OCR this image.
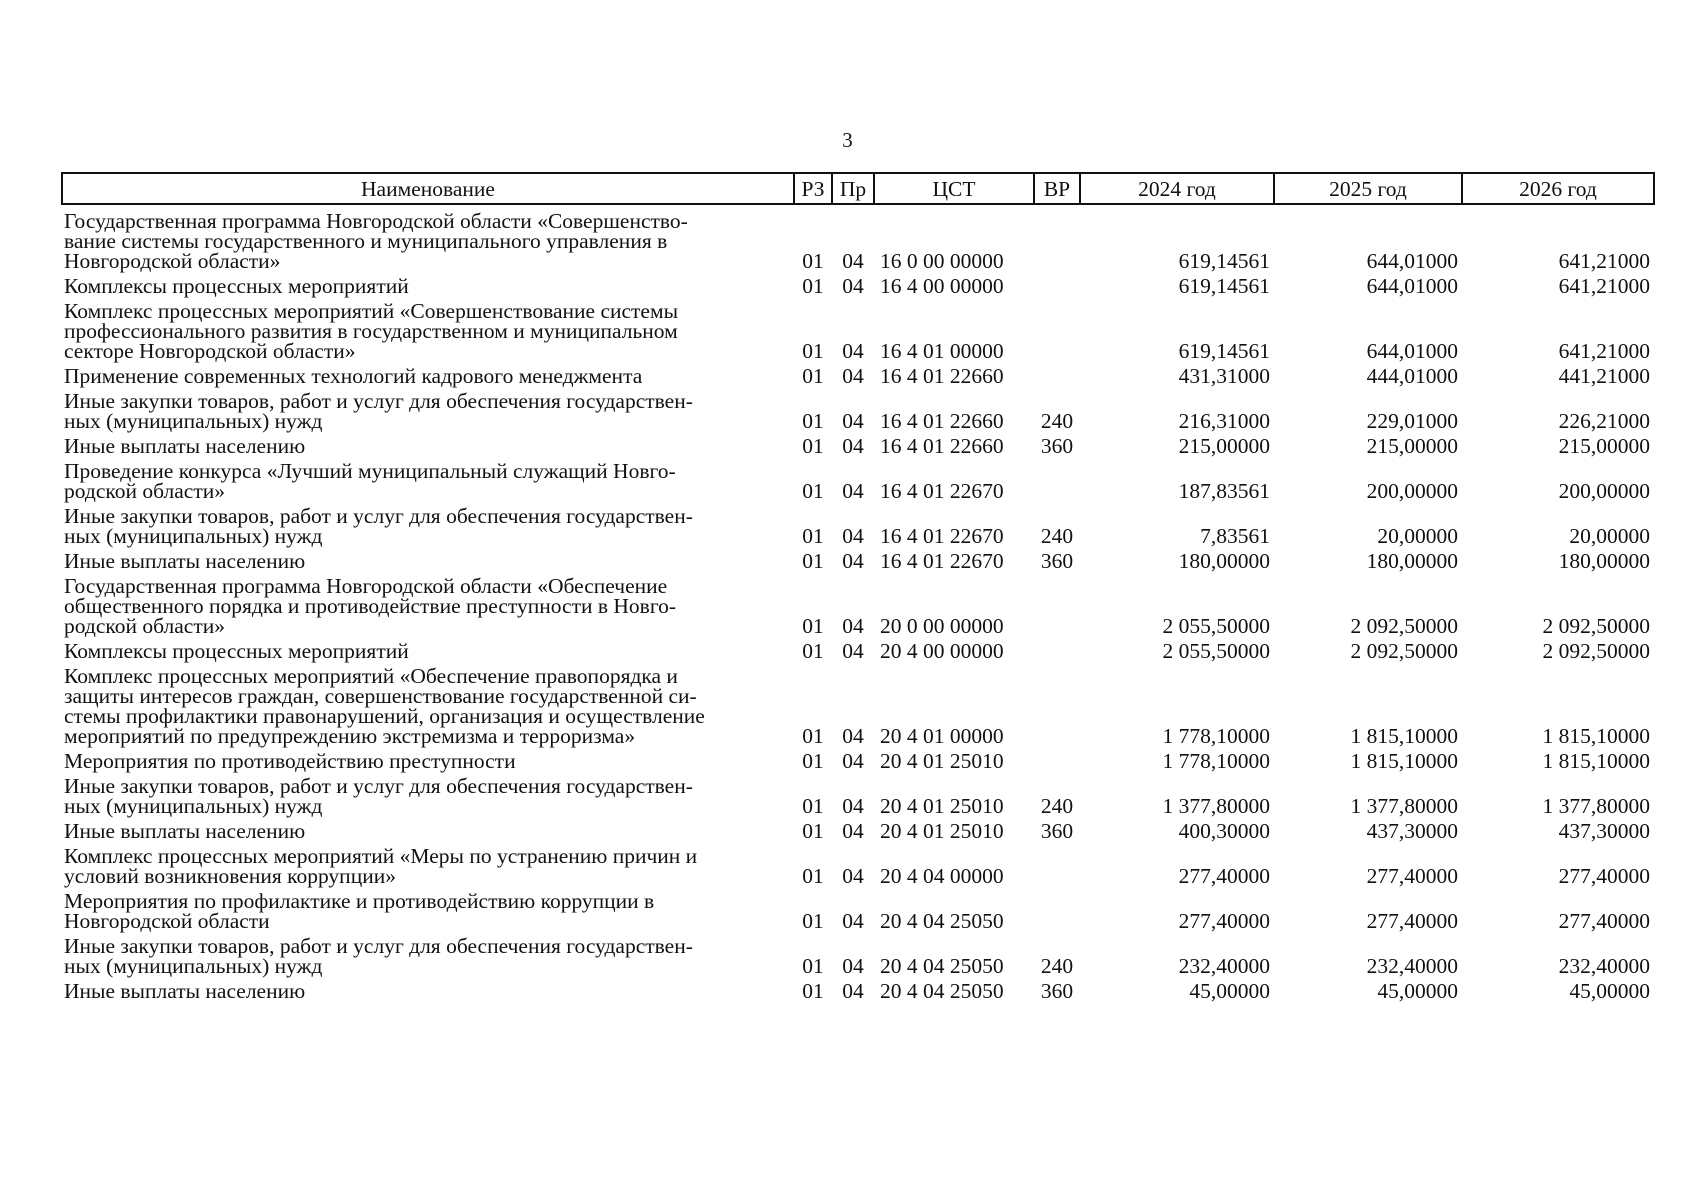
3
Наименование	РЗ	Пр	ЦСТ	ВР	2024 год	2025 год	2026 год

Государственная программа Новгородской области «Совершенство-
вание системы государственного и муниципального управления в
Новгородской области»	01	04	16 0 00 00000		619,14561	644,01000	641,21000

Комплексы процессных мероприятий	01	04	16 4 00 00000		619,14561	644,01000	641,21000

Комплекс процессных мероприятий «Совершенствование системы
профессионального развития в государственном и муниципальном
секторе Новгородской области»	01	04	16 4 01 00000		619,14561	644,01000	641,21000

Применение современных технологий кадрового менеджмента	01	04	16 4 01 22660		431,31000	444,01000	441,21000

Иные закупки товаров, работ и услуг для обеспечения государствен-
ных (муниципальных) нужд	01	04	16 4 01 22660	240	216,31000	229,01000	226,21000

Иные выплаты населению	01	04	16 4 01 22660	360	215,00000	215,00000	215,00000

Проведение конкурса «Лучший муниципальный служащий Новго-
родской области»	01	04	16 4 01 22670		187,83561	200,00000	200,00000

Иные закупки товаров, работ и услуг для обеспечения государствен-
ных (муниципальных) нужд	01	04	16 4 01 22670	240	7,83561	20,00000	20,00000

Иные выплаты населению	01	04	16 4 01 22670	360	180,00000	180,00000	180,00000

Государственная программа Новгородской области «Обеспечение
общественного порядка и противодействие преступности в Новго-
родской области»	01	04	20 0 00 00000		2 055,50000	2 092,50000	2 092,50000

Комплексы процессных мероприятий	01	04	20 4 00 00000		2 055,50000	2 092,50000	2 092,50000

Комплекс процессных мероприятий «Обеспечение правопорядка и
защиты интересов граждан, совершенствование государственной си-
стемы профилактики правонарушений, организация и осуществление
мероприятий по предупреждению экстремизма и терроризма»	01	04	20 4 01 00000		1 778,10000	1 815,10000	1 815,10000

Мероприятия по противодействию преступности	01	04	20 4 01 25010		1 778,10000	1 815,10000	1 815,10000

Иные закупки товаров, работ и услуг для обеспечения государствен-
ных (муниципальных) нужд	01	04	20 4 01 25010	240	1 377,80000	1 377,80000	1 377,80000

Иные выплаты населению	01	04	20 4 01 25010	360	400,30000	437,30000	437,30000

Комплекс процессных мероприятий «Меры по устранению причин и
условий возникновения коррупции»	01	04	20 4 04 00000		277,40000	277,40000	277,40000

Мероприятия по профилактике и противодействию коррупции в
Новгородской области	01	04	20 4 04 25050		277,40000	277,40000	277,40000

Иные закупки товаров, работ и услуг для обеспечения государствен-
ных (муниципальных) нужд	01	04	20 4 04 25050	240	232,40000	232,40000	232,40000

Иные выплаты населению	01	04	20 4 04 25050	360	45,00000	45,00000	45,00000
